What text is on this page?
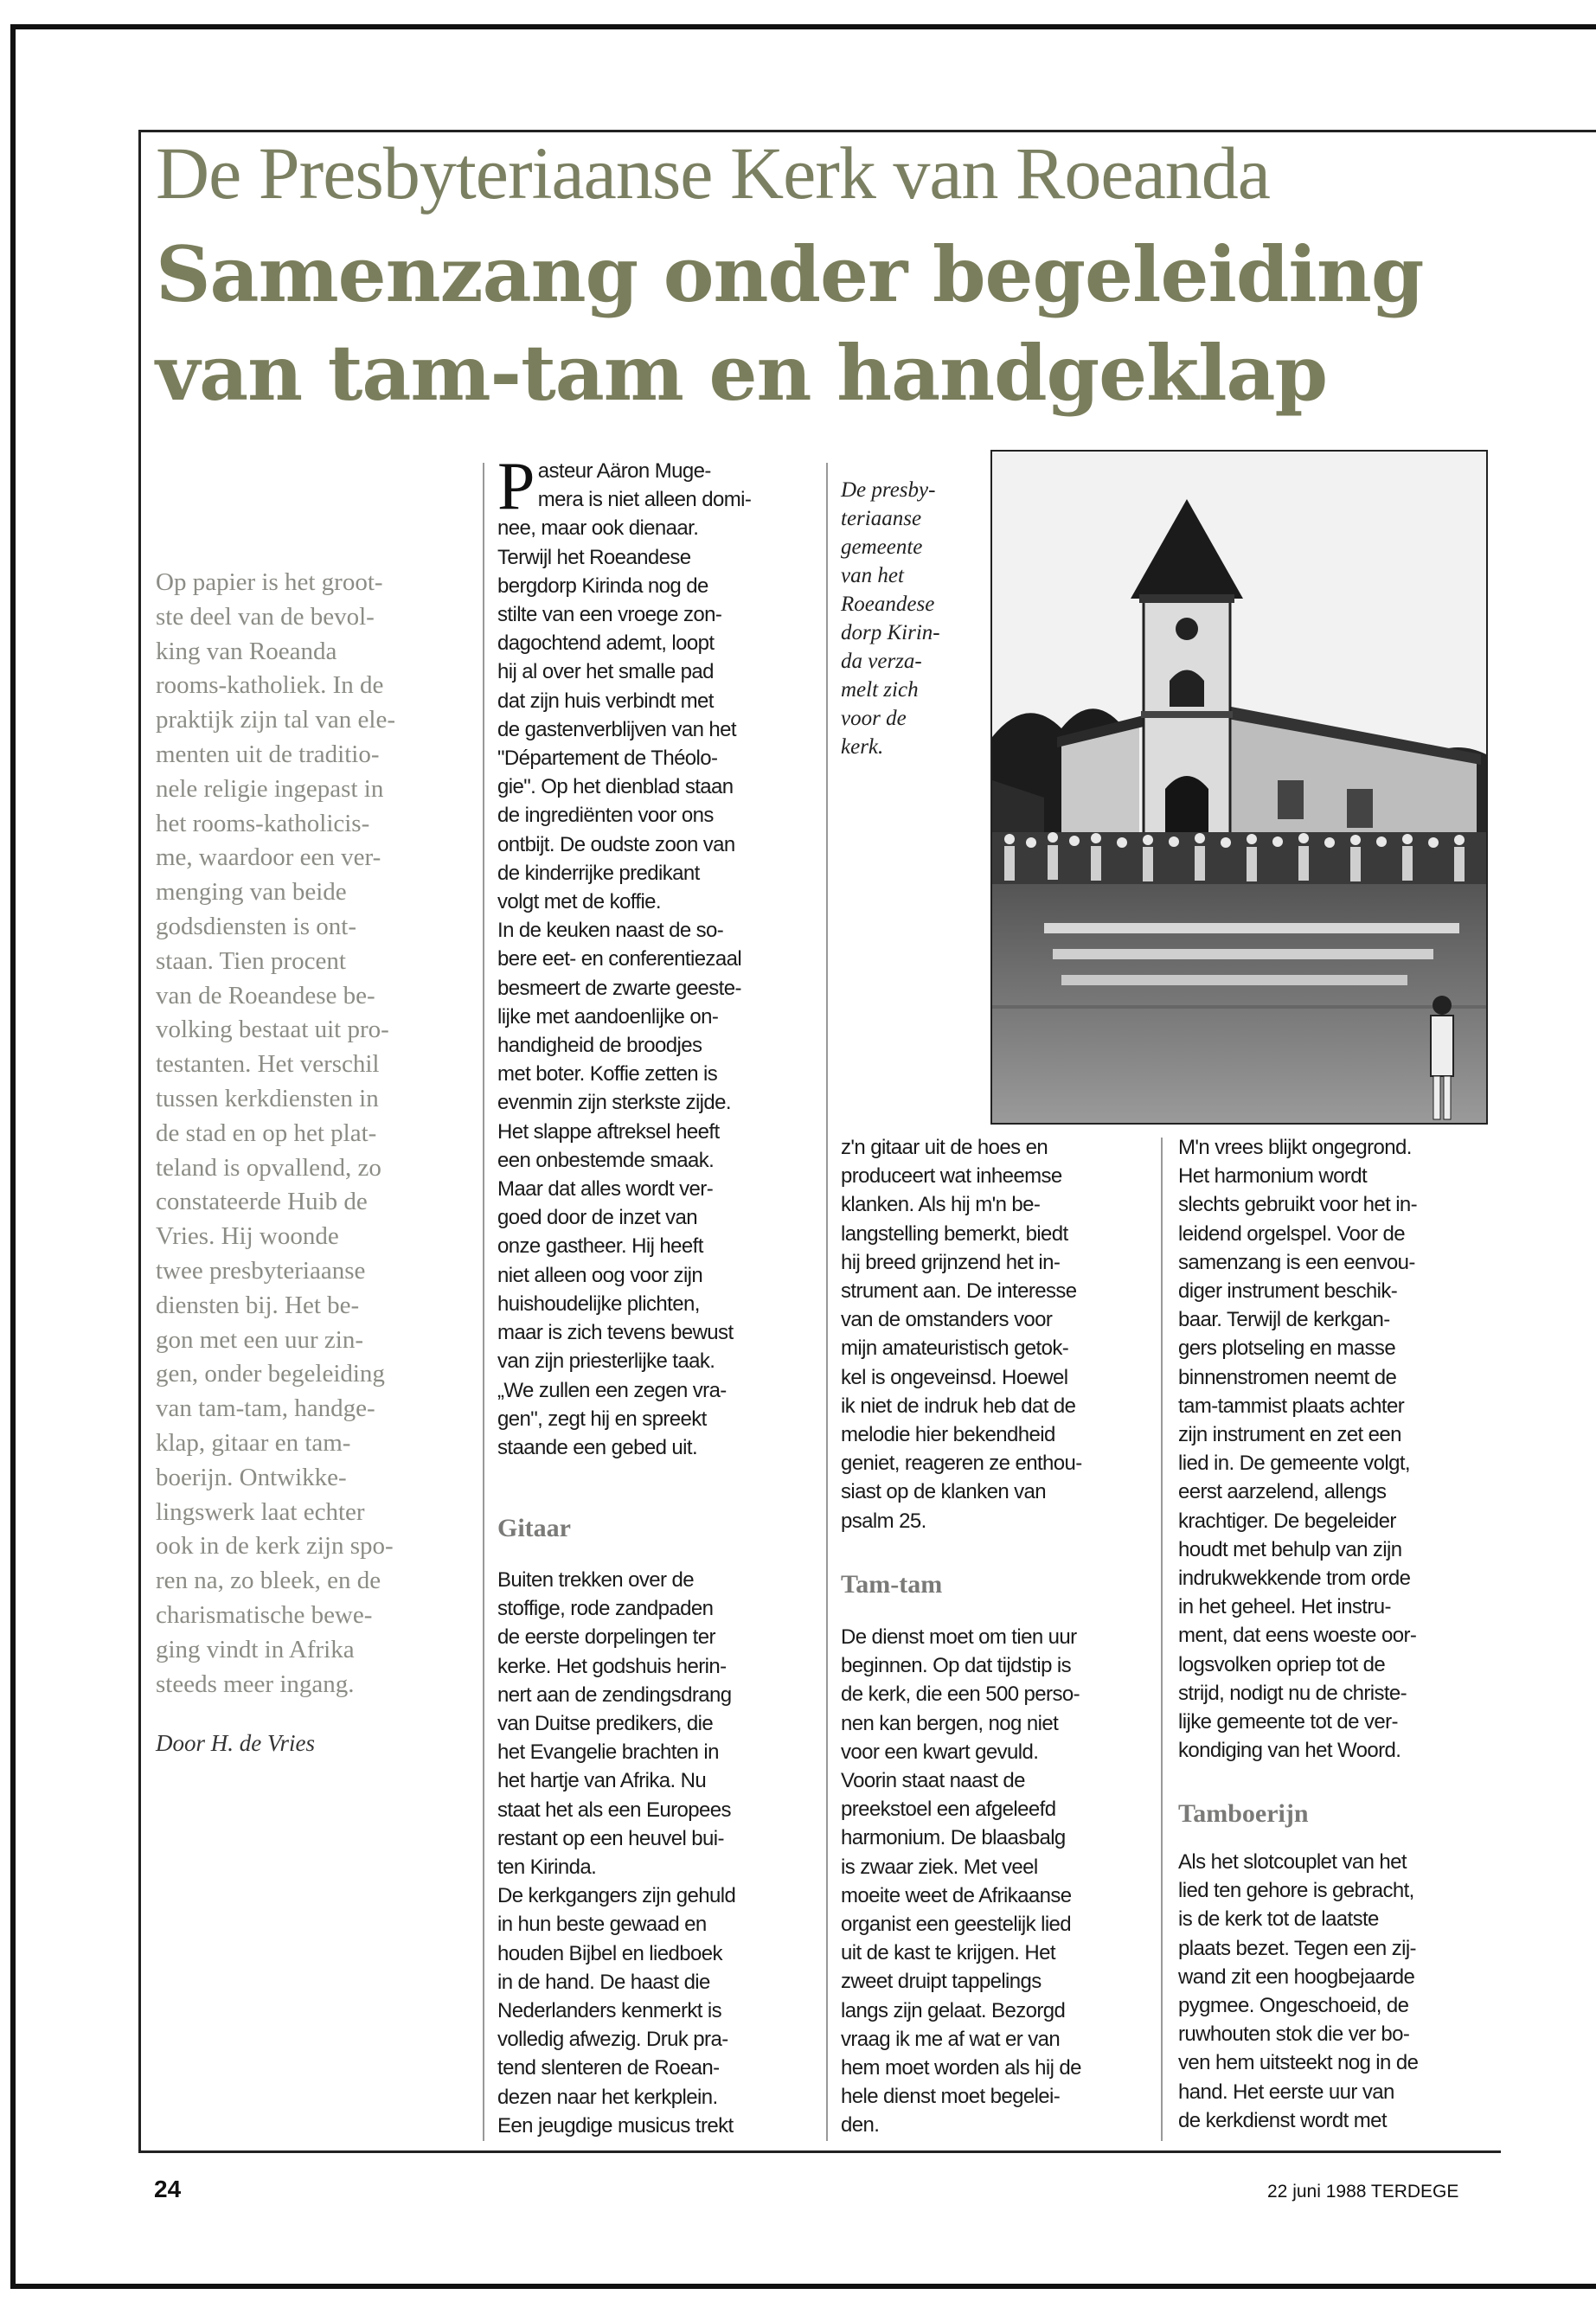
De Presbyteriaanse Kerk van Roeanda
Samenzang onder begeleiding van tam-tam en handgeklap
Op papier is het groot-
ste deel van de bevol-
king van Roeanda
rooms-katholiek. In de
praktijk zijn tal van ele-
menten uit de traditio-
nele religie ingepast in
het rooms-katholicis-
me, waardoor een ver-
menging van beide
godsdiensten is ont-
staan. Tien procent
van de Roeandese be-
volking bestaat uit pro-
testanten. Het verschil
tussen kerkdiensten in
de stad en op het plat-
teland is opvallend, zo
constateerde Huib de
Vries. Hij woonde
twee presbyteriaanse
diensten bij. Het be-
gon met een uur zin-
gen, onder begeleiding
van tam-tam, handge-
klap, gitaar en tam-
boerijn. Ontwikke-
lingswerk laat echter
ook in de kerk zijn spo-
ren na, zo bleek, en de
charismatische bewe-
ging vindt in Afrika
steeds meer ingang.
Door H. de Vries
Pasteur Aäron Muge-
mera is niet alleen domi-
nee, maar ook dienaar.
Terwijl het Roeandese
bergdorp Kirinda nog de
stilte van een vroege zon-
dagochtend ademt, loopt
hij al over het smalle pad
dat zijn huis verbindt met
de gastenverblijven van het
"Département de Théolo-
gie". Op het dienblad staan
de ingrediënten voor ons
ontbijt. De oudste zoon van
de kinderrijke predikant
volgt met de koffie.
In de keuken naast de so-
bere eet- en conferentiezaal
besmeert de zwarte geeste-
lijke met aandoenlijke on-
handigheid de broodjes
met boter. Koffie zetten is
evenmin zijn sterkste zijde.
Het slappe aftreksel heeft
een onbestemde smaak.
Maar dat alles wordt ver-
goed door de inzet van
onze gastheer. Hij heeft
niet alleen oog voor zijn
huishoudelijke plichten,
maar is zich tevens bewust
van zijn priesterlijke taak.
„We zullen een zegen vra-
gen", zegt hij en spreekt
staande een gebed uit.
Gitaar
Buiten trekken over de
stoffige, rode zandpaden
de eerste dorpelingen ter
kerke. Het godshuis herin-
nert aan de zendingsdrang
van Duitse predikers, die
het Evangelie brachten in
het hartje van Afrika. Nu
staat het als een Europees
restant op een heuvel bui-
ten Kirinda.
De kerkgangers zijn gehuld
in hun beste gewaad en
houden Bijbel en liedboek
in de hand. De haast die
Nederlanders kenmerkt is
volledig afwezig. Druk pra-
tend slenteren de Roean-
dezen naar het kerkplein.
Een jeugdige musicus trekt
De presby-
teriaanse
gemeente
van het
Roeandese
dorp Kirin-
da verza-
melt zich
voor de
kerk.
z'n gitaar uit de hoes en
produceert wat inheemse
klanken. Als hij m'n be-
langstelling bemerkt, biedt
hij breed grijnzend het in-
strument aan. De interesse
van de omstanders voor
mijn amateuristisch getok-
kel is ongeveinsd. Hoewel
ik niet de indruk heb dat de
melodie hier bekendheid
geniet, reageren ze enthou-
siast op de klanken van
psalm 25.
Tam-tam
De dienst moet om tien uur
beginnen. Op dat tijdstip is
de kerk, die een 500 perso-
nen kan bergen, nog niet
voor een kwart gevuld.
Voorin staat naast de
preekstoel een afgeleefd
harmonium. De blaasbalg
is zwaar ziek. Met veel
moeite weet de Afrikaanse
organist een geestelijk lied
uit de kast te krijgen. Het
zweet druipt tappelings
langs zijn gelaat. Bezorgd
vraag ik me af wat er van
hem moet worden als hij de
hele dienst moet begelei-
den.
M'n vrees blijkt ongegrond.
Het harmonium wordt
slechts gebruikt voor het in-
leidend orgelspel. Voor de
samenzang is een eenvou-
diger instrument beschik-
baar. Terwijl de kerkgan-
gers plotseling en masse
binnenstromen neemt de
tam-tammist plaats achter
zijn instrument en zet een
lied in. De gemeente volgt,
eerst aarzelend, allengs
krachtiger. De begeleider
houdt met behulp van zijn
indrukwekkende trom orde
in het geheel. Het instru-
ment, dat eens woeste oor-
logsvolken opriep tot de
strijd, nodigt nu de christe-
lijke gemeente tot de ver-
kondiging van het Woord.
Tamboerijn
Als het slotcouplet van het
lied ten gehore is gebracht,
is de kerk tot de laatste
plaats bezet. Tegen een zij-
wand zit een hoogbejaarde
pygmee. Ongeschoeid, de
ruwhouten stok die ver bo-
ven hem uitsteekt nog in de
hand. Het eerste uur van
de kerkdienst wordt met
24	22 juni 1988 TERDEGE
